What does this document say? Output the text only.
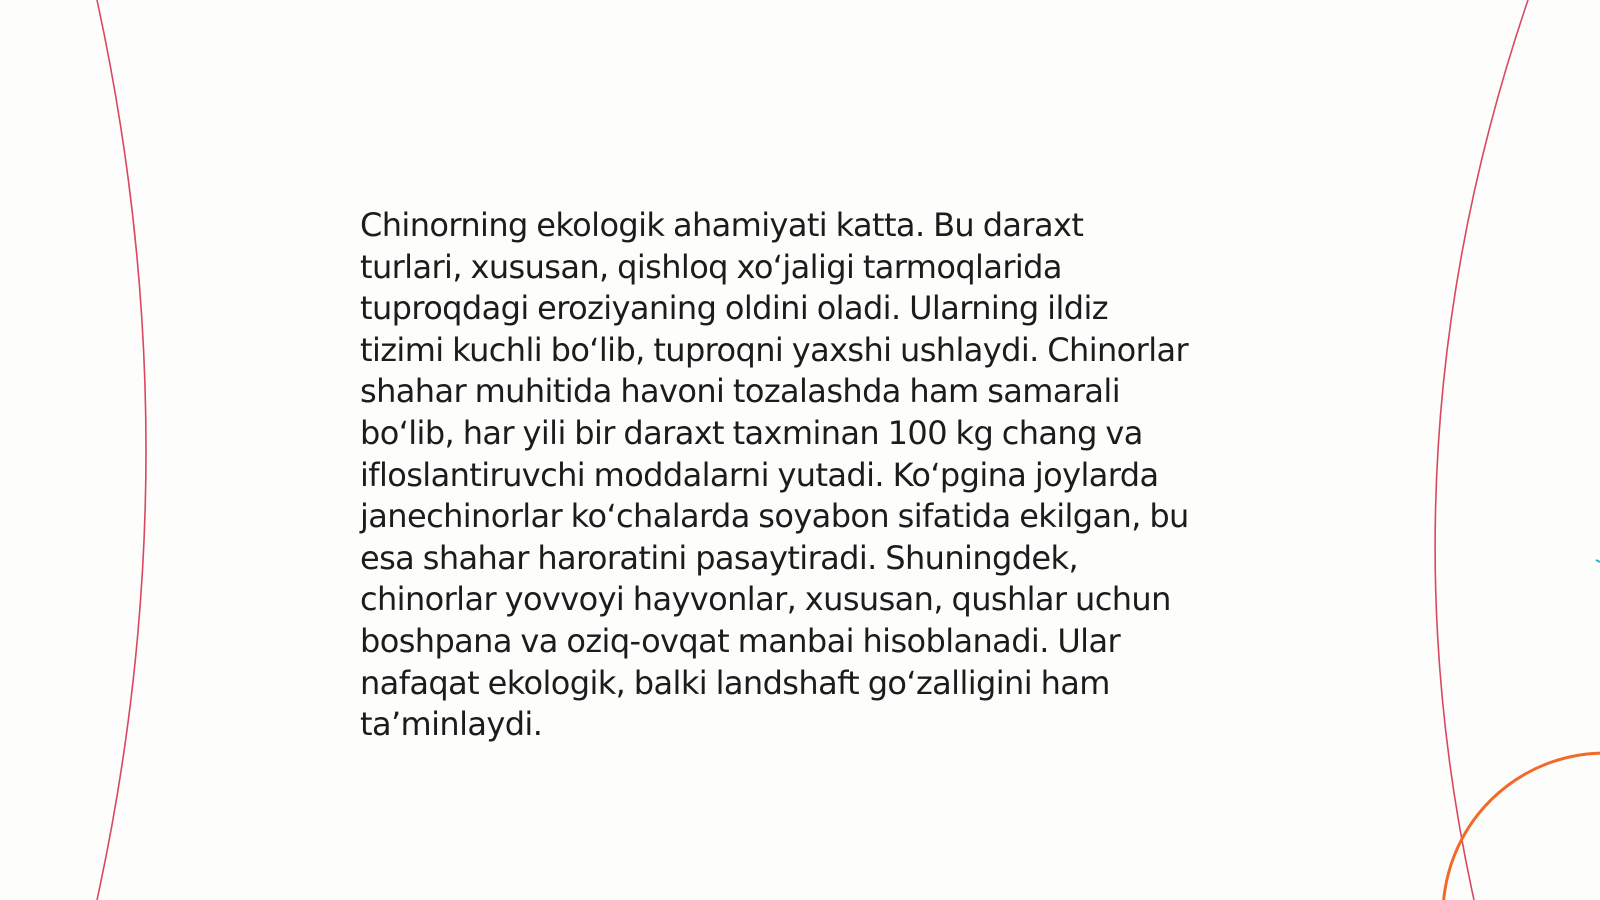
Chinorning ekologik ahamiyati katta. Bu daraxt
turlari, xususan, qishloq xo‘jaligi tarmoqlarida
tuproqdagi eroziyaning oldini oladi. Ularning ildiz
tizimi kuchli bo‘lib, tuproqni yaxshi ushlaydi. Chinorlar
shahar muhitida havoni tozalashda ham samarali
bo‘lib, har yili bir daraxt taxminan 100 kg chang va
ifloslantiruvchi moddalarni yutadi. Ko‘pgina joylarda
janechinorlar ko‘chalarda soyabon sifatida ekilgan, bu
esa shahar haroratini pasaytiradi. Shuningdek,
chinorlar yovvoyi hayvonlar, xususan, qushlar uchun
boshpana va oziq-ovqat manbai hisoblanadi. Ular
nafaqat ekologik, balki landshaft go‘zalligini ham
ta’minlaydi.
